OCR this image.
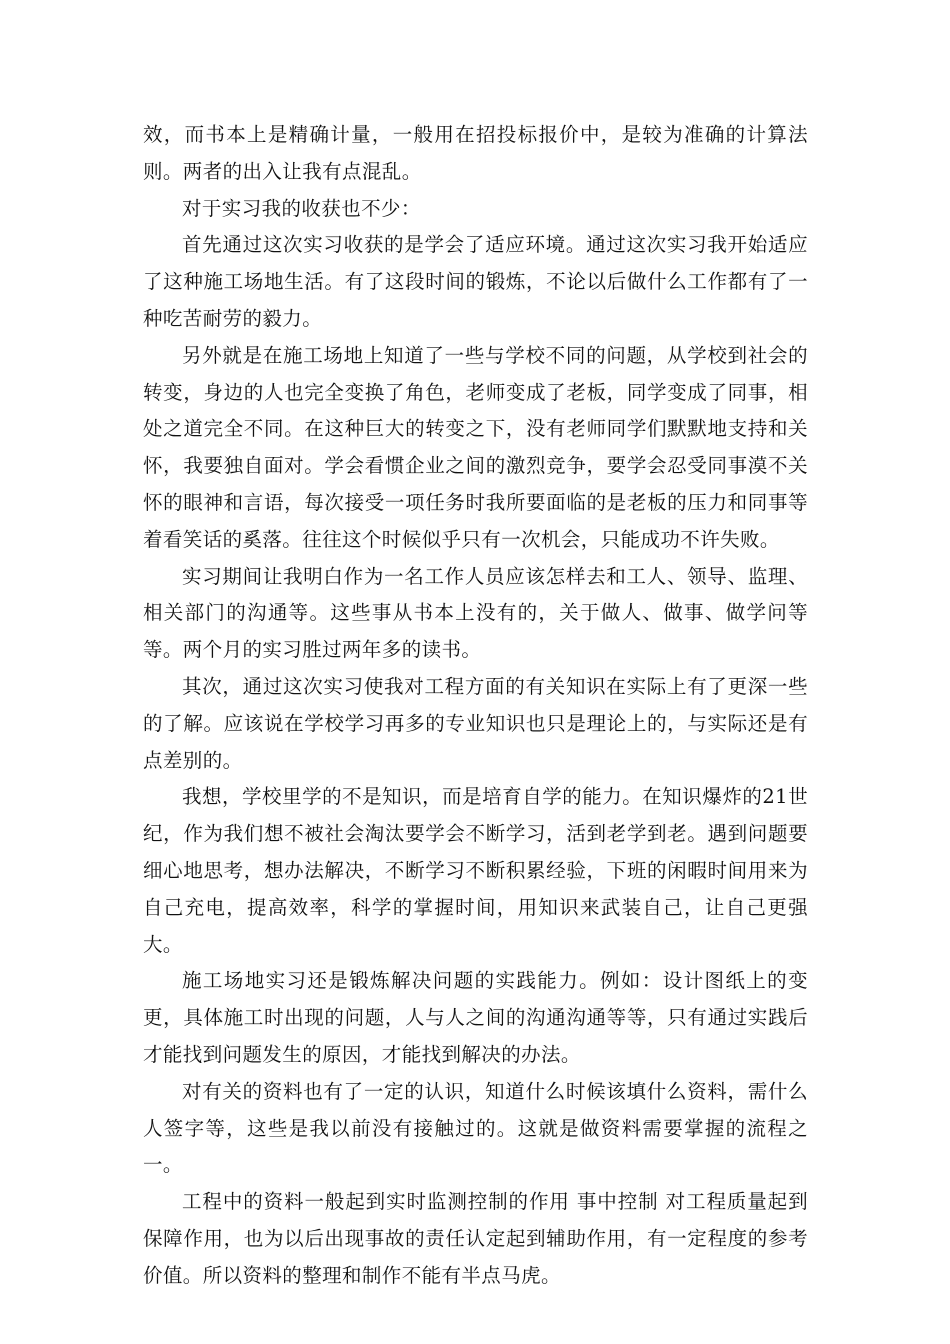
效，而书本上是精确计量，一般用在招投标报价中，是较为准确的计算法则。两者的出入让我有点混乱。

对于实习我的收获也不少：

首先通过这次实习收获的是学会了适应环境。通过这次实习我开始适应了这种施工场地生活。有了这段时间的锻炼，不论以后做什么工作都有了一种吃苦耐劳的毅力。

另外就是在施工场地上知道了一些与学校不同的问题，从学校到社会的转变，身边的人也完全变换了角色，老师变成了老板，同学变成了同事，相处之道完全不同。在这种巨大的转变之下，没有老师同学们默默地支持和关怀，我要独自面对。学会看惯企业之间的激烈竞争，要学会忍受同事漠不关怀的眼神和言语，每次接受一项任务时我所要面临的是老板的压力和同事等着看笑话的奚落。往往这个时候似乎只有一次机会，只能成功不许失败。

实习期间让我明白作为一名工作人员应该怎样去和工人、领导、监理、相关部门的沟通等。这些事从书本上没有的，关于做人、做事、做学问等等。两个月的实习胜过两年多的读书。

其次，通过这次实习使我对工程方面的有关知识在实际上有了更深一些的了解。应该说在学校学习再多的专业知识也只是理论上的，与实际还是有点差别的。

我想，学校里学的不是知识，而是培育自学的能力。在知识爆炸的21世纪，作为我们想不被社会淘汰要学会不断学习，活到老学到老。遇到问题要细心地思考，想办法解决，不断学习不断积累经验，下班的闲暇时间用来为自己充电，提高效率，科学的掌握时间，用知识来武装自己，让自己更强大。

施工场地实习还是锻炼解决问题的实践能力。例如：设计图纸上的变更，具体施工时出现的问题，人与人之间的沟通沟通等等，只有通过实践后才能找到问题发生的原因，才能找到解决的办法。

对有关的资料也有了一定的认识，知道什么时候该填什么资料，需什么人签字等，这些是我以前没有接触过的。这就是做资料需要掌握的流程之一。

工程中的资料一般起到实时监测控制的作用 事中控制 对工程质量起到保障作用，也为以后出现事故的责任认定起到辅助作用，有一定程度的参考价值。所以资料的整理和制作不能有半点马虎。
